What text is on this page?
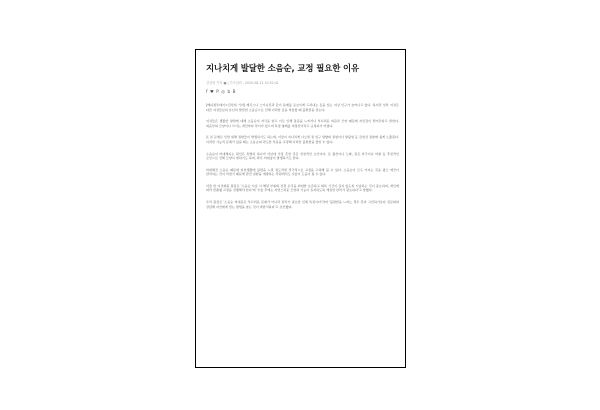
지나치게 발달한 소음순, 교정 필요한 이유
김상현 기자 ■ | 기사입력 : 2020-08-12 10:52:41
f ♥ P ◎ b B

[메디컬투데이=김상현 기자] 레깅스나 스키니진과 같이 몸매를 돋보이게 드러내는 옷을 입는 여성 인구가 늘어나고 있다. 하지만 일부 여성은 다른 여성들보다 유난히 발달한 소음순으로 인해 이러한 옷을 착용할 때 불편함을 겪는다.

여성들은 생활한 방면에 대해 소음순이 자극을 받고 이로 인해 통증을 느끼거나 부끄러운 외음부 모양 때문에 자신감이 떨어진다고 말한다. 외음부의 모양이나 크기는 개인마다 차이가 있으며 특정 형태를 비정상이라고 규정하기 어렵다.

또 본 문제로 인한 위해 질환들이 발생하기도 하는데, 이물이 지나치게 나오면 질 입구 방향의 질염이나 방광염 등 감염성 질환에 쉽게 노출된다. 이러한 기능적 문제가 있을 때는 소음순의 과도한 부분을 교정해 이러한 불편함을 줄일 수 있다.

소음순이 비대해지는 원인은 특별히 하나가 아닌데 가장 흔한 것은 선천적인 요인이다. 또 출산이나 노화, 잦은 자극이나 마찰 등 후천적인 요인으로 인해 모양이 변하기도 하며, 좌우 비대칭이 발생하기도 한다.

비대해진 소음순 때문에 일상생활에 불편을 느낄 정도라면 적극적으로 교정을 고려해 볼 수 있다. 소음순이 모두 커지는 것을 평소 깨끗이 관리하는 것이 어렵기 때문에 관련 질환을 예방하는 차원에서도 수술이 도움이 될 수 있다.

서울 한 여성의원 원장은 '소음순 수술 시 해당 부위의 신경 조직을 최대한 보존하고 회복 기간이 길지 않도록 시술하는 것이 중요하며, 개인에 따라 맞춤형 교정을 진행해야 한다'며 '수술 후에는 자연스러운 모양과 기능이 유지되도록 세심한 관리가 필요하다'고 말했다.

우리 원장은 '소음순 비대증은 부끄러운 문제가 아니라 관리가 필요한 신체 특징이다'라며 '불편함을 느끼는 경우 혼자 고민하기보다 전문의와 상담해 자신에게 맞는 방법을 찾는 것이 바람직하다'고 조언했다.
